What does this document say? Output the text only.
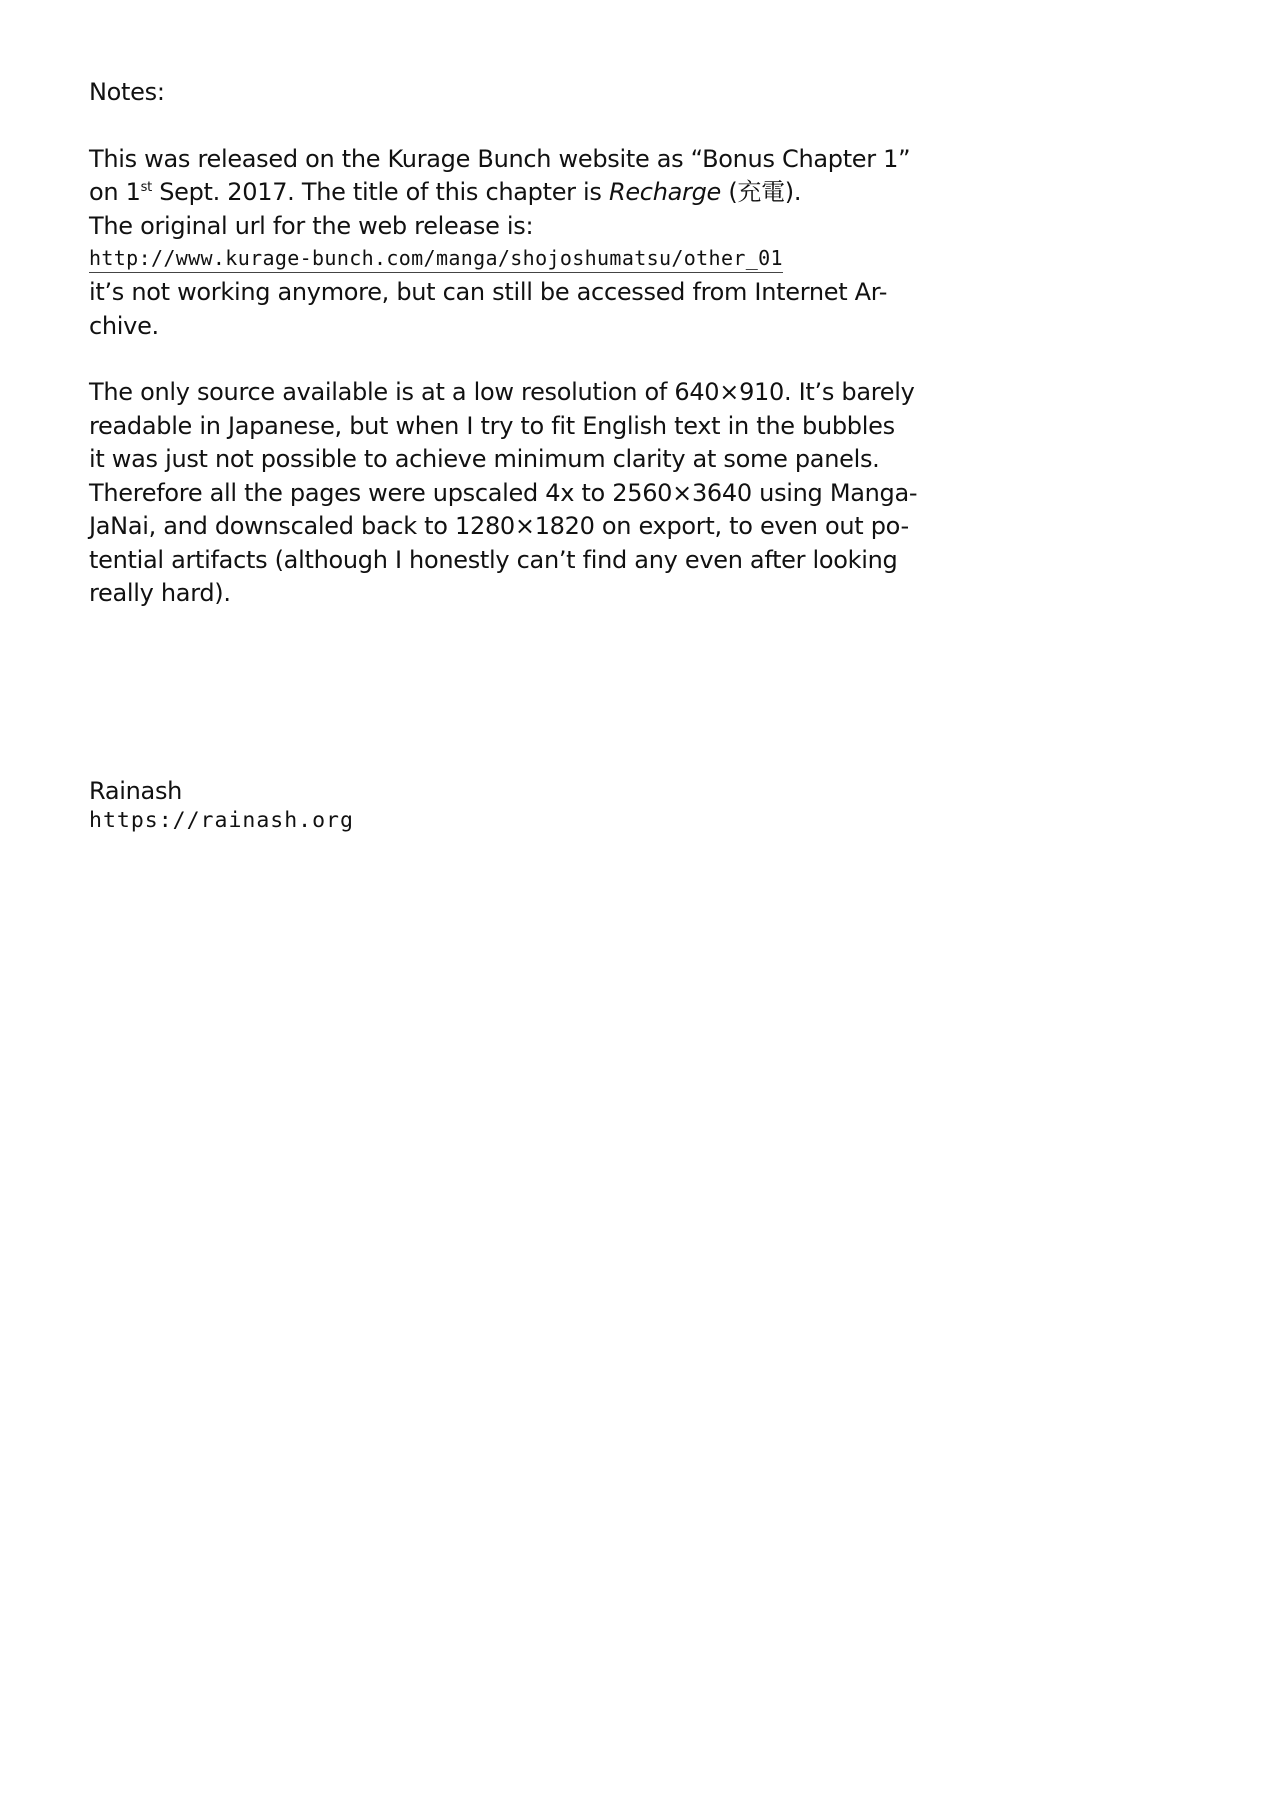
Notes:
This was released on the Kurage Bunch website as “Bonus Chapter 1”
on 1st Sept. 2017. The title of this chapter is Recharge (充電).
The original url for the web release is:
http://www.kurage-bunch.com/manga/shojoshumatsu/other_01
it’s not working anymore, but can still be accessed from Internet Ar-
chive.
The only source available is at a low resolution of 640×910. It’s barely
readable in Japanese, but when I try to fit English text in the bubbles
it was just not possible to achieve minimum clarity at some panels.
Therefore all the pages were upscaled 4x to 2560×3640 using Manga-
JaNai, and downscaled back to 1280×1820 on export, to even out po-
tential artifacts (although I honestly can’t find any even after looking
really hard).
Rainash
https://rainash.org
